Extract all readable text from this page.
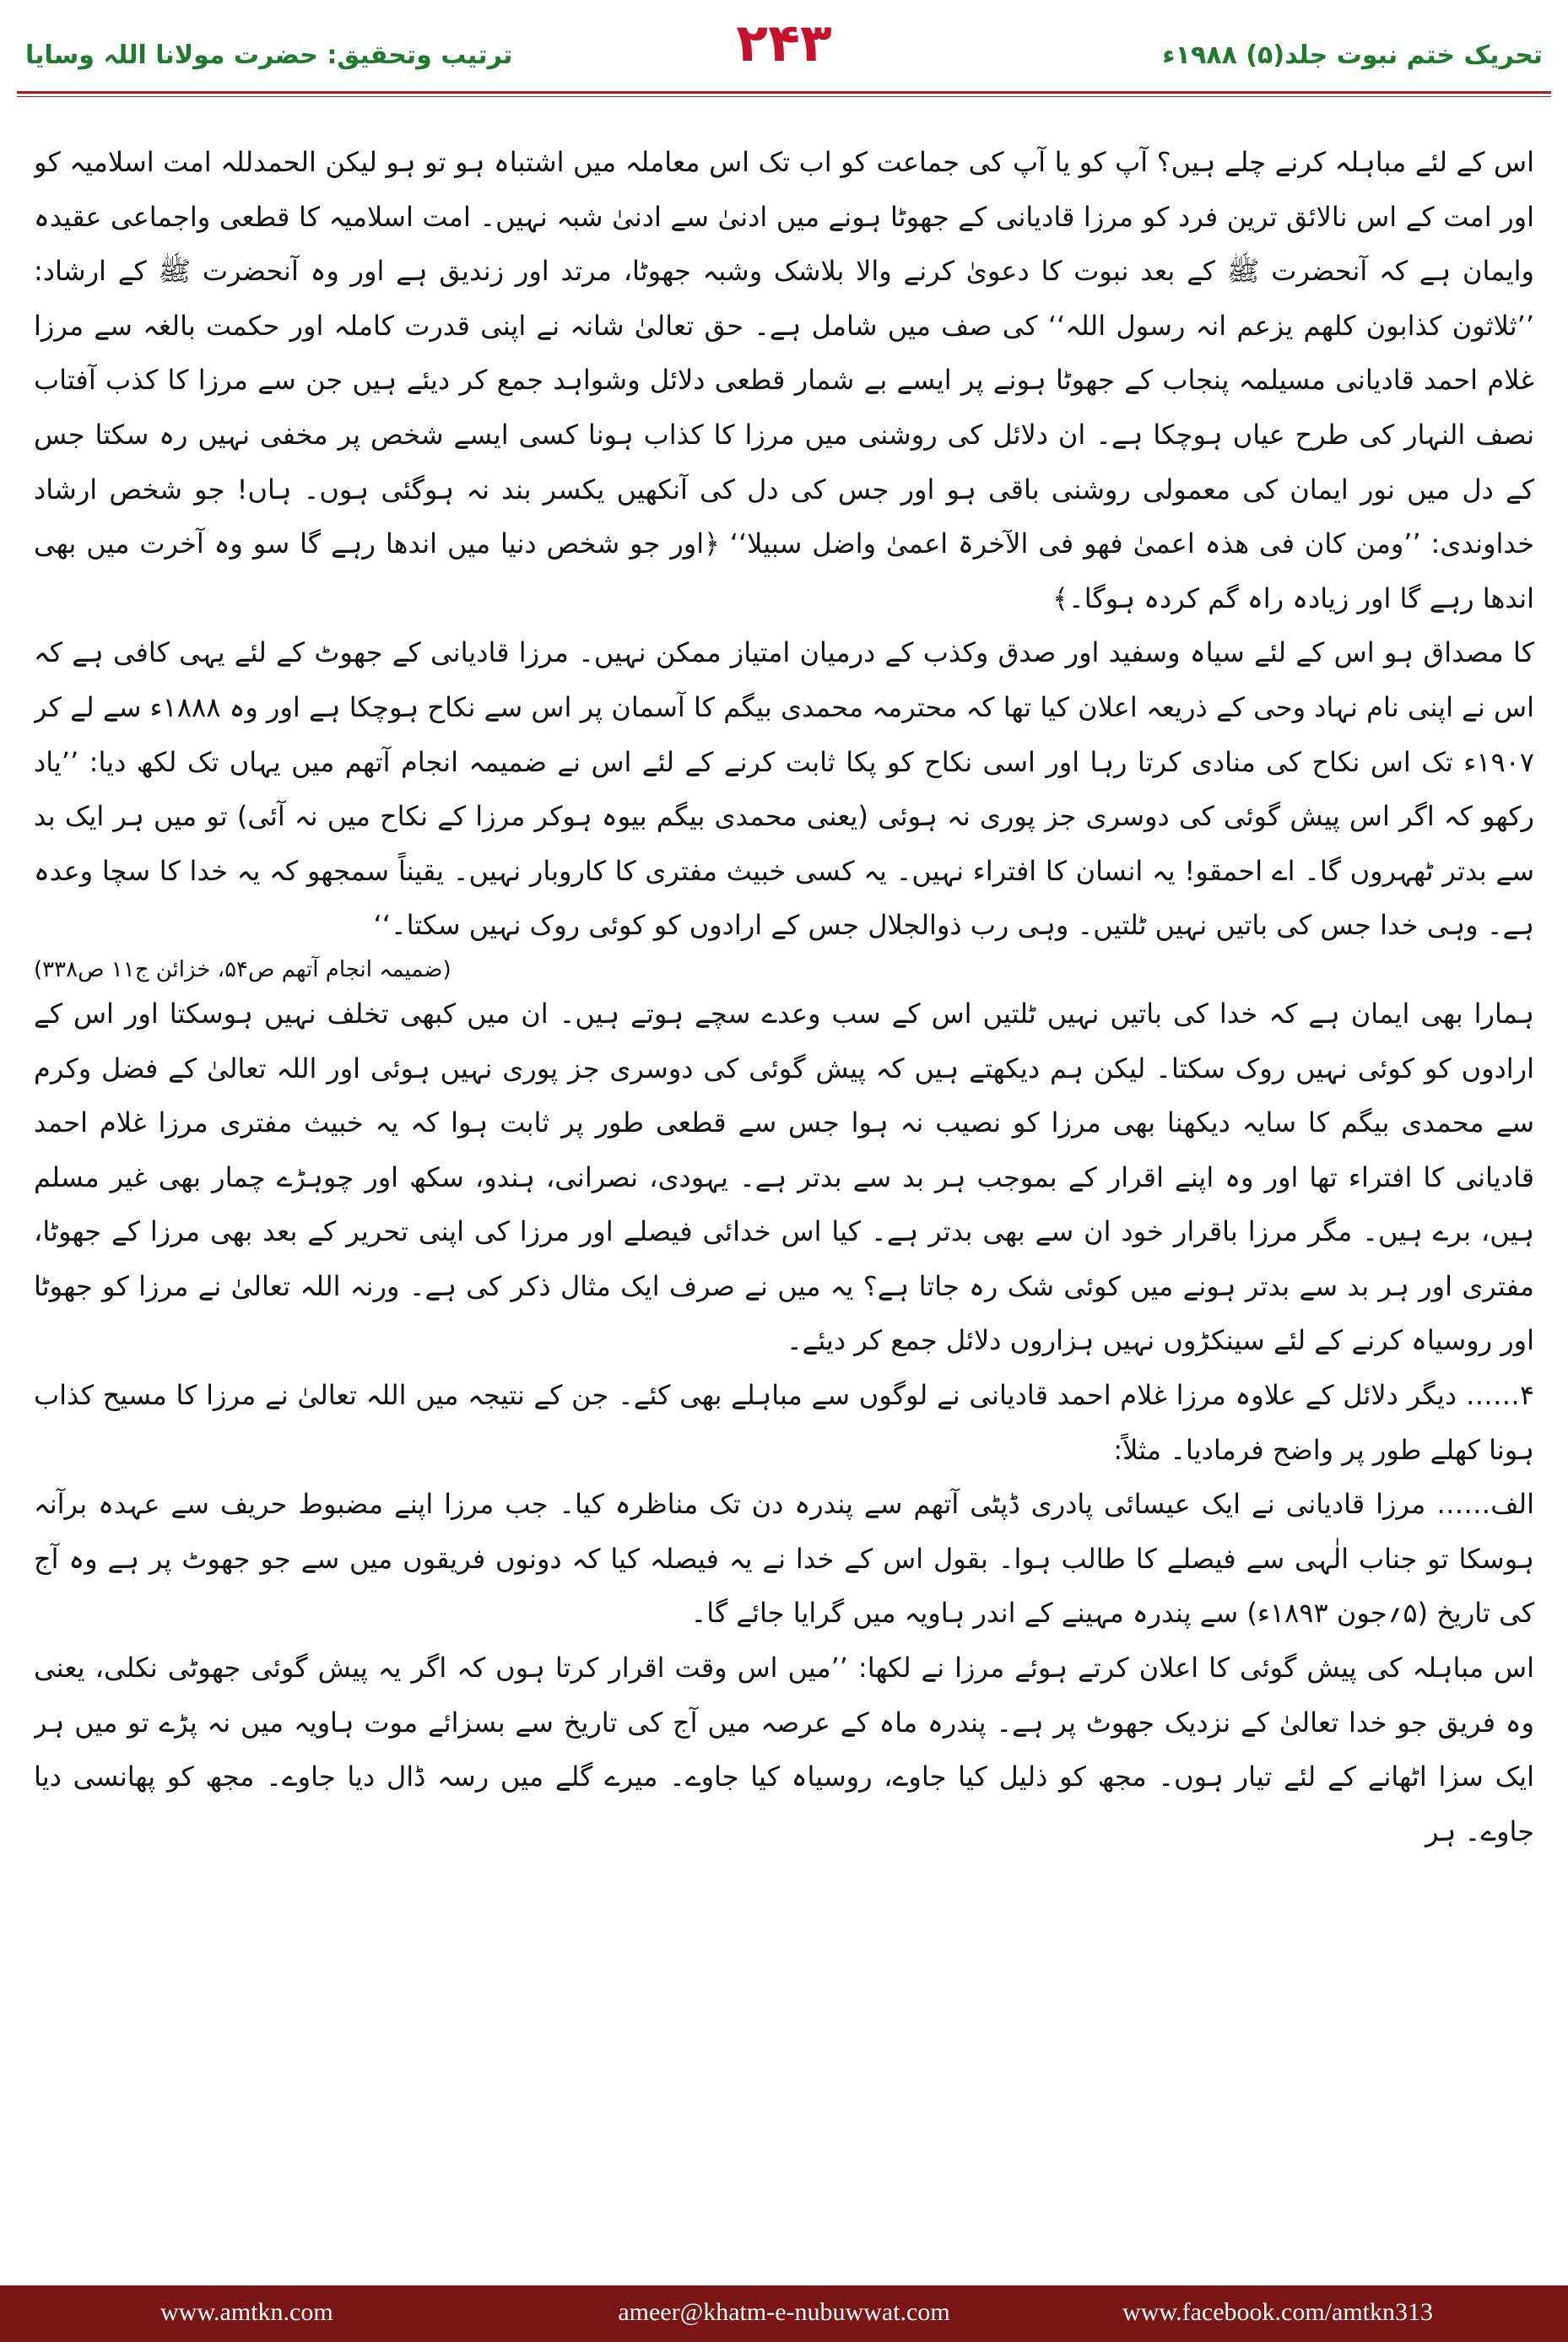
ترتیب وتحقیق: حضرت مولانا اللہ وسایا	۲۴۳	تحریک ختم نبوت جلد(۵) ۱۹۸۸ء

اس کے لئے مباہلہ کرنے چلے ہیں؟ آپ کو یا آپ کی جماعت کو اب تک اس معاملہ میں اشتباہ ہو تو ہو لیکن الحمدللہ امت اسلامیہ کو اور امت کے اس نالائق ترین فرد کو مرزا قادیانی کے جھوٹا ہونے میں ادنیٰ سے ادنیٰ شبہ نہیں۔ امت اسلامیہ کا قطعی واجماعی عقیدہ وایمان ہے کہ آنحضرت ﷺ کے بعد نبوت کا دعویٰ کرنے والا بلاشک وشبہ جھوٹا، مرتد اور زندیق ہے اور وہ آنحضرت ﷺ کے ارشاد: ’’ثلاثون کذابون کلھم یزعم انہ رسول اللہ‘‘ کی صف میں شامل ہے۔ حق تعالیٰ شانہ نے اپنی قدرت کاملہ اور حکمت بالغہ سے مرزا غلام احمد قادیانی مسیلمہ پنجاب کے جھوٹا ہونے پر ایسے بے شمار قطعی دلائل وشواہد جمع کر دیئے ہیں جن سے مرزا کا کذب آفتاب نصف النہار کی طرح عیاں ہوچکا ہے۔ ان دلائل کی روشنی میں مرزا کا کذاب ہونا کسی ایسے شخص پر مخفی نہیں رہ سکتا جس کے دل میں نور ایمان کی معمولی روشنی باقی ہو اور جس کی دل کی آنکھیں یکسر بند نہ ہوگئی ہوں۔ ہاں! جو شخص ارشاد خداوندی: ’’ومن کان فی ھذہ اعمیٰ فھو فی الآخرۃ اعمیٰ واضل سبیلا‘‘ ﴿اور جو شخص دنیا میں اندھا رہے گا سو وہ آخرت میں بھی اندھا رہے گا اور زیادہ راہ گم کردہ ہوگا۔﴾

کا مصداق ہو اس کے لئے سیاہ وسفید اور صدق وکذب کے درمیان امتیاز ممکن نہیں۔ مرزا قادیانی کے جھوٹ کے لئے یہی کافی ہے کہ اس نے اپنی نام نہاد وحی کے ذریعہ اعلان کیا تھا کہ محترمہ محمدی بیگم کا آسمان پر اس سے نکاح ہوچکا ہے اور وہ ۱۸۸۸ء سے لے کر ۱۹۰۷ء تک اس نکاح کی منادی کرتا رہا اور اسی نکاح کو پکا ثابت کرنے کے لئے اس نے ضمیمہ انجام آتھم میں یہاں تک لکھ دیا: ’’یاد رکھو کہ اگر اس پیش گوئی کی دوسری جز پوری نہ ہوئی (یعنی محمدی بیگم بیوہ ہوکر مرزا کے نکاح میں نہ آئی) تو میں ہر ایک بد سے بدتر ٹھہروں گا۔ اے احمقو! یہ انسان کا افتراء نہیں۔ یہ کسی خبیث مفتری کا کاروبار نہیں۔ یقیناً سمجھو کہ یہ خدا کا سچا وعدہ ہے۔ وہی خدا جس کی باتیں نہیں ٹلتیں۔ وہی رب ذوالجلال جس کے ارادوں کو کوئی روک نہیں سکتا۔‘‘

(ضمیمہ انجام آتھم ص۵۴، خزائن ج۱۱ ص۳۳۸)

ہمارا بھی ایمان ہے کہ خدا کی باتیں نہیں ٹلتیں اس کے سب وعدے سچے ہوتے ہیں۔ ان میں کبھی تخلف نہیں ہوسکتا اور اس کے ارادوں کو کوئی نہیں روک سکتا۔ لیکن ہم دیکھتے ہیں کہ پیش گوئی کی دوسری جز پوری نہیں ہوئی اور اللہ تعالیٰ کے فضل وکرم سے محمدی بیگم کا سایہ دیکھنا بھی مرزا کو نصیب نہ ہوا جس سے قطعی طور پر ثابت ہوا کہ یہ خبیث مفتری مرزا غلام احمد قادیانی کا افتراء تھا اور وہ اپنے اقرار کے بموجب ہر بد سے بدتر ہے۔ یہودی، نصرانی، ہندو، سکھ اور چوہڑے چمار بھی غیر مسلم ہیں، برے ہیں۔ مگر مرزا باقرار خود ان سے بھی بدتر ہے۔ کیا اس خدائی فیصلے اور مرزا کی اپنی تحریر کے بعد بھی مرزا کے جھوٹا، مفتری اور ہر بد سے بدتر ہونے میں کوئی شک رہ جاتا ہے؟ یہ میں نے صرف ایک مثال ذکر کی ہے۔ ورنہ اللہ تعالیٰ نے مرزا کو جھوٹا اور روسیاہ کرنے کے لئے سینکڑوں نہیں ہزاروں دلائل جمع کر دیئے۔

۴…… دیگر دلائل کے علاوہ مرزا غلام احمد قادیانی نے لوگوں سے مباہلے بھی کئے۔ جن کے نتیجہ میں اللہ تعالیٰ نے مرزا کا مسیح کذاب ہونا کھلے طور پر واضح فرمادیا۔ مثلاً:

الف…… مرزا قادیانی نے ایک عیسائی پادری ڈپٹی آتھم سے پندرہ دن تک مناظرہ کیا۔ جب مرزا اپنے مضبوط حریف سے عہدہ برآنہ ہوسکا تو جناب الٰہی سے فیصلے کا طالب ہوا۔ بقول اس کے خدا نے یہ فیصلہ کیا کہ دونوں فریقوں میں سے جو جھوٹ پر ہے وہ آج کی تاریخ (۵؍جون ۱۸۹۳ء) سے پندرہ مہینے کے اندر ہاویہ میں گرایا جائے گا۔

اس مباہلہ کی پیش گوئی کا اعلان کرتے ہوئے مرزا نے لکھا: ’’میں اس وقت اقرار کرتا ہوں کہ اگر یہ پیش گوئی جھوٹی نکلی، یعنی وہ فریق جو خدا تعالیٰ کے نزدیک جھوٹ پر ہے۔ پندرہ ماہ کے عرصہ میں آج کی تاریخ سے بسزائے موت ہاویہ میں نہ پڑے تو میں ہر ایک سزا اٹھانے کے لئے تیار ہوں۔ مجھ کو ذلیل کیا جاوے، روسیاہ کیا جاوے۔ میرے گلے میں رسہ ڈال دیا جاوے۔ مجھ کو پھانسی دیا جاوے۔ ہر

ameer@khatm-e-nubuwwat.com
www.amtkn.com	www.facebook.com/amtkn313
